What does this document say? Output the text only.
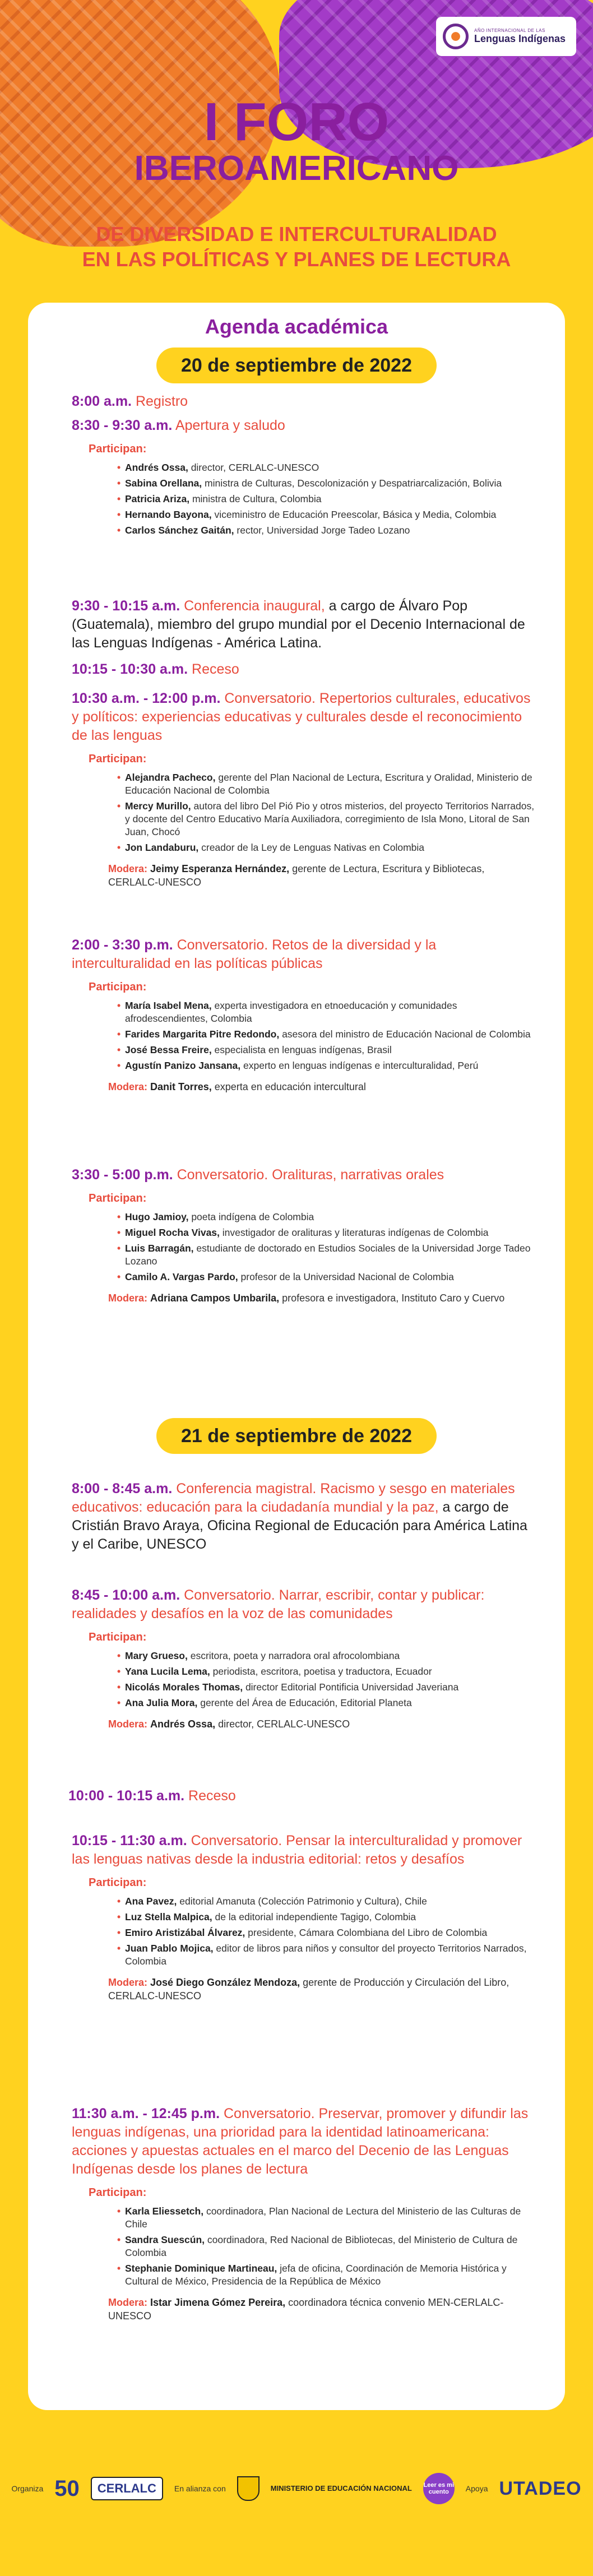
AÑO INTERNACIONAL DE LAS
Lenguas Indígenas
I FORO
IBEROAMERICANO
DE DIVERSIDAD E INTERCULTURALIDAD
EN LAS POLÍTICAS Y PLANES DE LECTURA
Agenda académica
20 de septiembre de 2022
8:00 a.m. Registro
8:30 - 9:30 a.m. Apertura y saludo
Participan:
• Andrés Ossa, director, CERLALC-UNESCO
• Sabina Orellana, ministra de Culturas, Descolonización y Despatriarcalización, Bolivia
• Patricia Ariza, ministra de Cultura, Colombia
• Hernando Bayona, viceministro de Educación Preescolar, Básica y Media, Colombia
• Carlos Sánchez Gaitán, rector, Universidad Jorge Tadeo Lozano
9:30 - 10:15 a.m. Conferencia inaugural, a cargo de Álvaro Pop (Guatemala), miembro del grupo mundial por el Decenio Internacional de las Lenguas Indígenas - América Latina.
10:15 - 10:30 a.m. Receso
10:30 a.m. - 12:00 p.m. Conversatorio. Repertorios culturales, educativos y políticos: experiencias educativas y culturales desde el reconocimiento de las lenguas
Participan:
• Alejandra Pacheco, gerente del Plan Nacional de Lectura, Escritura y Oralidad, Ministerio de Educación Nacional de Colombia
• Mercy Murillo, autora del libro Del Pió Pio y otros misterios, del proyecto Territorios Narrados, y docente del Centro Educativo María Auxiliadora, corregimiento de Isla Mono, Litoral de San Juan, Chocó
• Jon Landaburu, creador de la Ley de Lenguas Nativas en Colombia
Modera: Jeimy Esperanza Hernández, gerente de Lectura, Escritura y Bibliotecas, CERLALC-UNESCO
2:00 - 3:30 p.m. Conversatorio. Retos de la diversidad y la interculturalidad en las políticas públicas
Participan:
• María Isabel Mena, experta investigadora en etnoeducación y comunidades afrodescendientes, Colombia
• Farides Margarita Pitre Redondo, asesora del ministro de Educación Nacional de Colombia
• José Bessa Freire, especialista en lenguas indígenas, Brasil
• Agustín Panizo Jansana, experto en lenguas indígenas e interculturalidad, Perú
Modera: Danit Torres, experta en educación intercultural
3:30 - 5:00 p.m. Conversatorio. Oralituras, narrativas orales
Participan:
• Hugo Jamioy, poeta indígena de Colombia
• Miguel Rocha Vivas, investigador de oralituras y literaturas indígenas de Colombia
• Luis Barragán, estudiante de doctorado en Estudios Sociales de la Universidad Jorge Tadeo Lozano
• Camilo A. Vargas Pardo, profesor de la Universidad Nacional de Colombia
Modera: Adriana Campos Umbarila, profesora e investigadora, Instituto Caro y Cuervo
21 de septiembre de 2022
8:00 - 8:45 a.m. Conferencia magistral. Racismo y sesgo en materiales educativos: educación para la ciudadanía mundial y la paz, a cargo de Cristián Bravo Araya, Oficina Regional de Educación para América Latina y el Caribe, UNESCO
8:45 - 10:00 a.m. Conversatorio. Narrar, escribir, contar y publicar: realidades y desafíos en la voz de las comunidades
Participan:
• Mary Grueso, escritora, poeta y narradora oral afrocolombiana
• Yana Lucila Lema, periodista, escritora, poetisa y traductora, Ecuador
• Nicolás Morales Thomas, director Editorial Pontificia Universidad Javeriana
• Ana Julia Mora, gerente del Área de Educación, Editorial Planeta
Modera: Andrés Ossa, director, CERLALC-UNESCO
10:00 - 10:15 a.m. Receso
10:15 - 11:30 a.m. Conversatorio. Pensar la interculturalidad y promover las lenguas nativas desde la industria editorial: retos y desafíos
Participan:
• Ana Pavez, editorial Amanuta (Colección Patrimonio y Cultura), Chile
• Luz Stella Malpica, de la editorial independiente Tagigo, Colombia
• Emiro Aristizábal Álvarez, presidente, Cámara Colombiana del Libro de Colombia
• Juan Pablo Mojica, editor de libros para niños y consultor del proyecto Territorios Narrados, Colombia
Modera: José Diego González Mendoza, gerente de Producción y Circulación del Libro, CERLALC-UNESCO
11:30 a.m. - 12:45 p.m. Conversatorio. Preservar, promover y difundir las lenguas indígenas, una prioridad para la identidad latinoamericana: acciones y apuestas actuales en el marco del Decenio de las Lenguas Indígenas desde los planes de lectura
Participan:
• Karla Eliessetch, coordinadora, Plan Nacional de Lectura del Ministerio de las Culturas de Chile
• Sandra Suescún, coordinadora, Red Nacional de Bibliotecas, del Ministerio de Cultura de Colombia
• Stephanie Dominique Martineau, jefa de oficina, Coordinación de Memoria Histórica y Cultural de México, Presidencia de la República de México
Modera: Istar Jimena Gómez Pereira, coordinadora técnica convenio MEN-CERLALC-UNESCO
Organiza 50	CERLALC	En alianza con	MINISTERIO DE EDUCACIÓN NACIONAL Leer es mi cuento	Apoya UTADEO
